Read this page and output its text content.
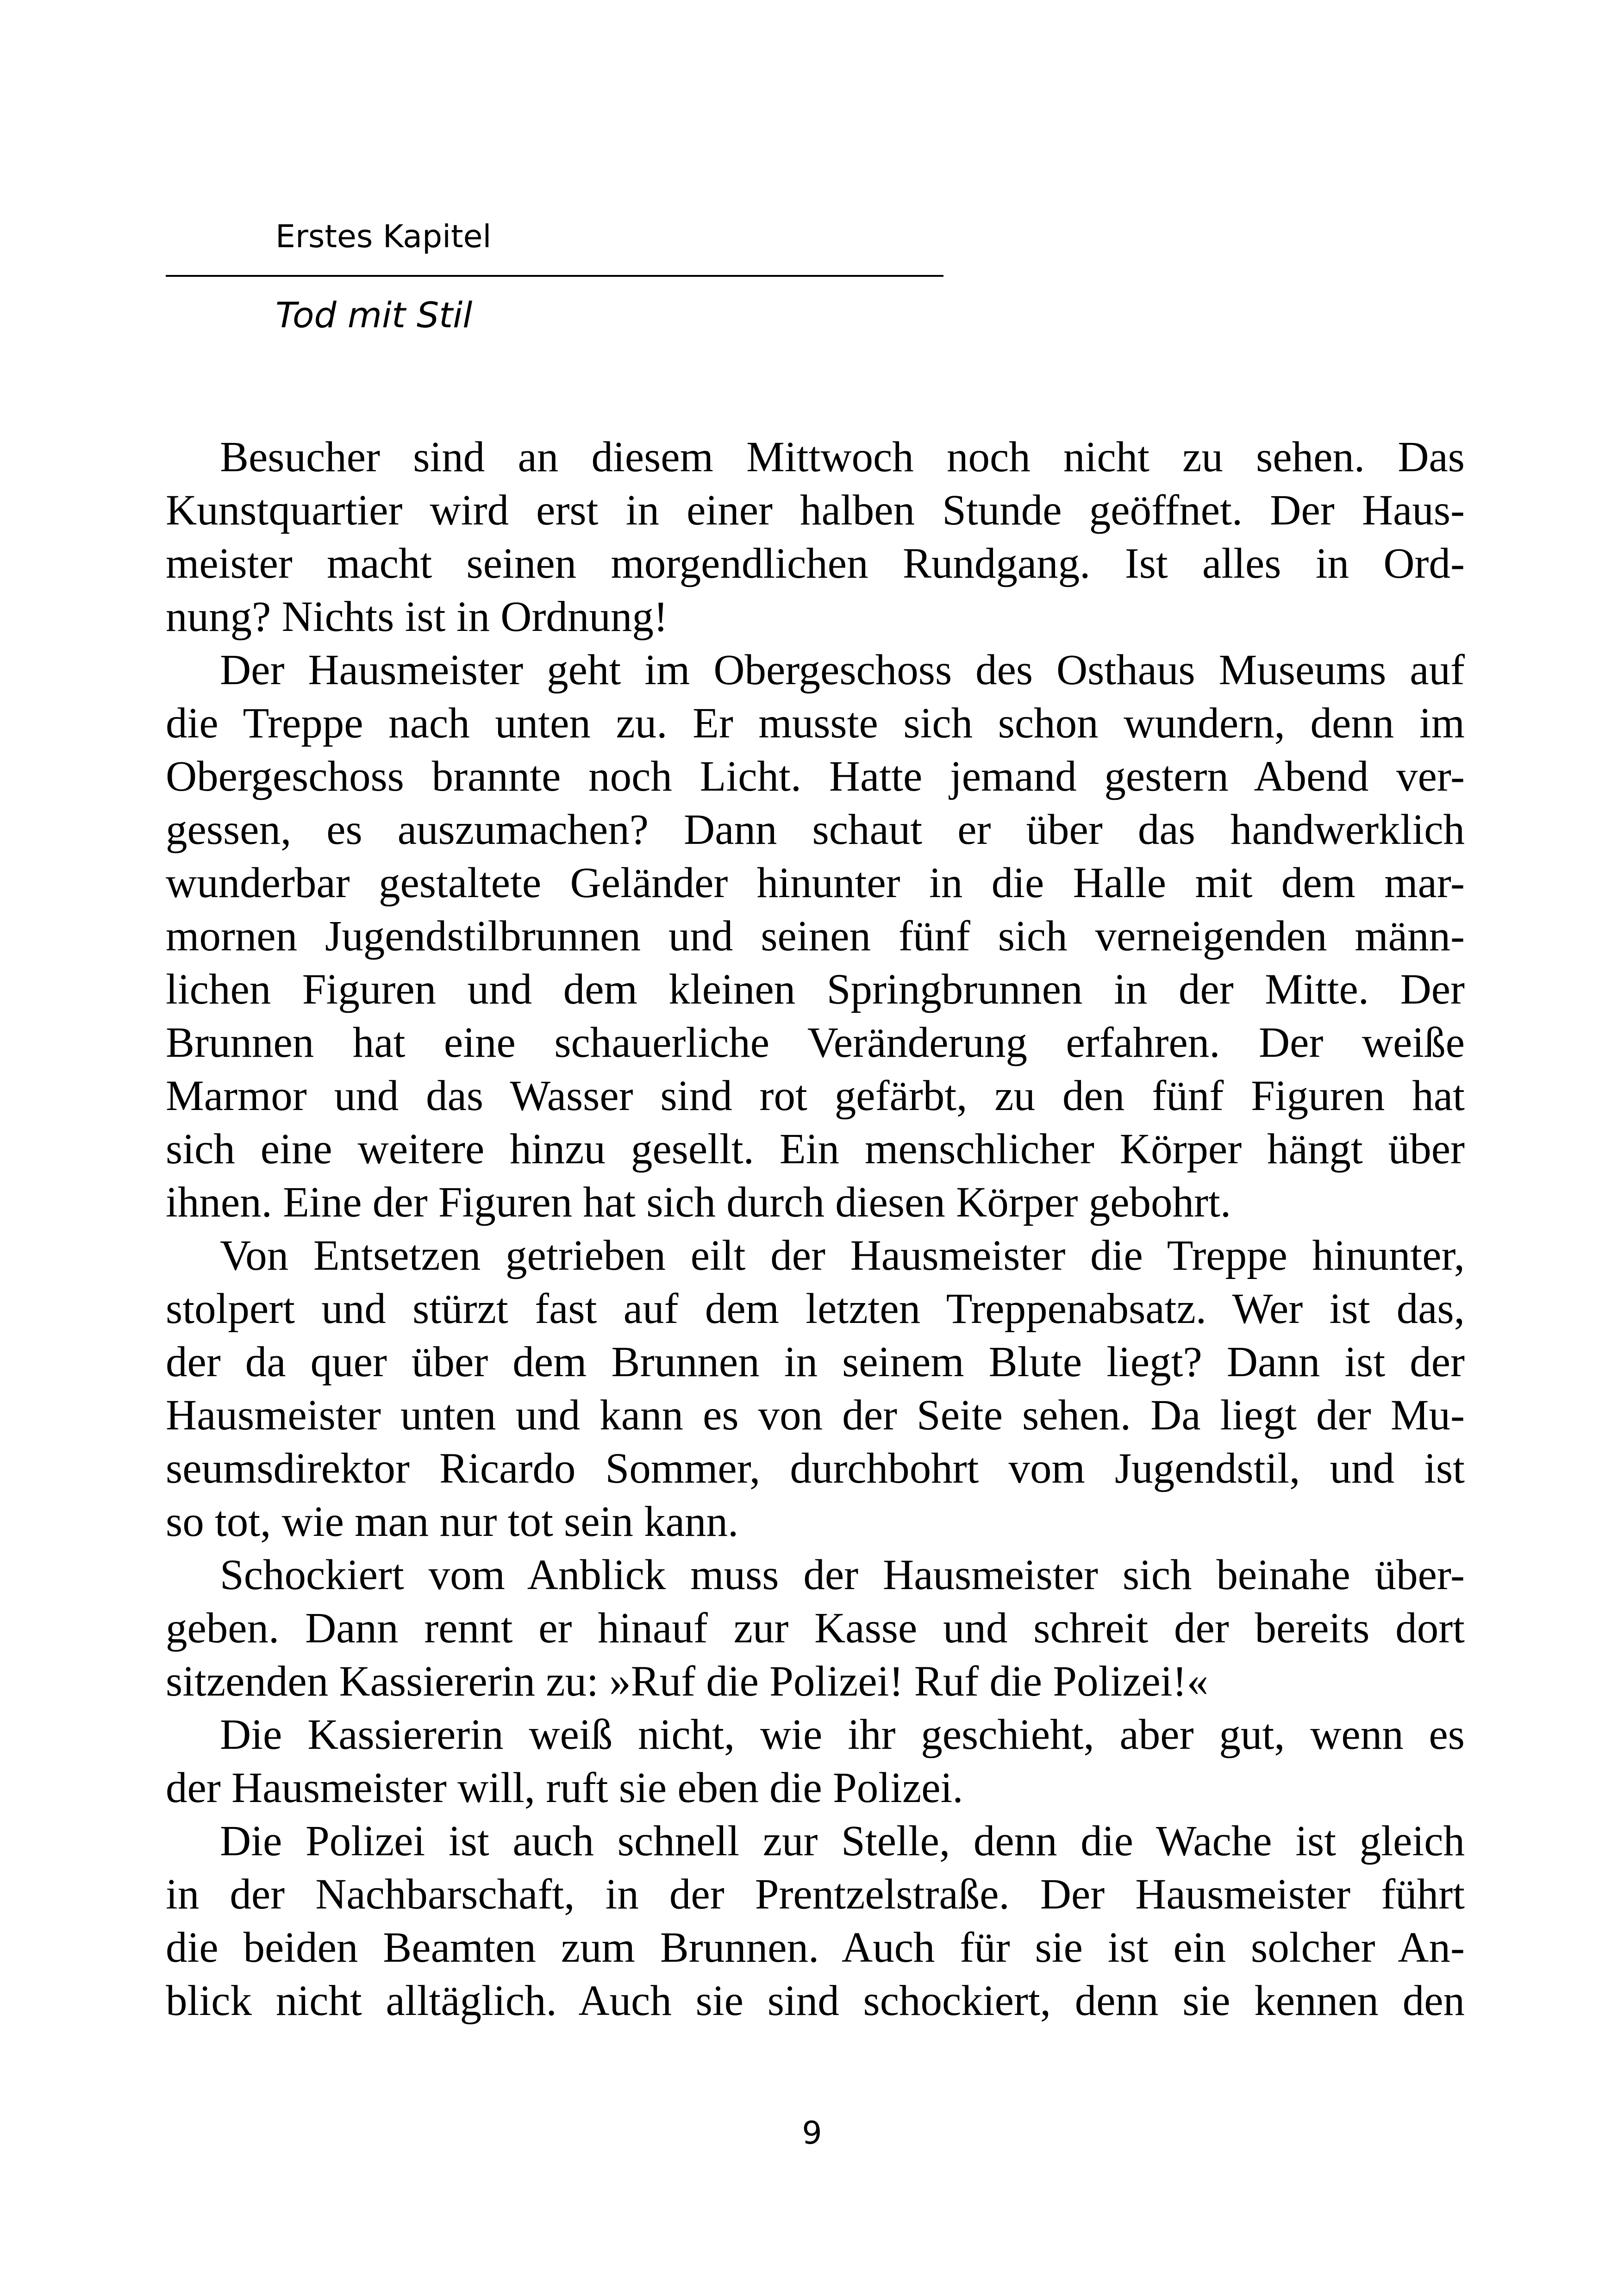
Erstes Kapitel

Tod mit Stil

Besucher sind an diesem Mittwoch noch nicht zu sehen. Das
Kunstquartier wird erst in einer halben Stunde geöffnet. Der Haus-
meister macht seinen morgendlichen Rundgang. Ist alles in Ord-
nung? Nichts ist in Ordnung!

Der Hausmeister geht im Obergeschoss des Osthaus Museums auf
die Treppe nach unten zu. Er musste sich schon wundern, denn im
Obergeschoss brannte noch Licht. Hatte jemand gestern Abend ver-
gessen, es auszumachen? Dann schaut er über das handwerklich
wunderbar gestaltete Geländer hinunter in die Halle mit dem mar-
mornen Jugendstilbrunnen und seinen fünf sich verneigenden männ-
lichen Figuren und dem kleinen Springbrunnen in der Mitte. Der
Brunnen hat eine schauerliche Veränderung erfahren. Der weiße
Marmor und das Wasser sind rot gefärbt, zu den fünf Figuren hat
sich eine weitere hinzu gesellt. Ein menschlicher Körper hängt über
ihnen. Eine der Figuren hat sich durch diesen Körper gebohrt.

Von Entsetzen getrieben eilt der Hausmeister die Treppe hinunter,
stolpert und stürzt fast auf dem letzten Treppenabsatz. Wer ist das,
der da quer über dem Brunnen in seinem Blute liegt? Dann ist der
Hausmeister unten und kann es von der Seite sehen. Da liegt der Mu-
seumsdirektor Ricardo Sommer, durchbohrt vom Jugendstil, und ist
so tot, wie man nur tot sein kann.

Schockiert vom Anblick muss der Hausmeister sich beinahe über-
geben. Dann rennt er hinauf zur Kasse und schreit der bereits dort
sitzenden Kassiererin zu: »Ruf die Polizei! Ruf die Polizei!«

Die Kassiererin weiß nicht, wie ihr geschieht, aber gut, wenn es
der Hausmeister will, ruft sie eben die Polizei.

Die Polizei ist auch schnell zur Stelle, denn die Wache ist gleich
in der Nachbarschaft, in der Prentzelstraße. Der Hausmeister führt
die beiden Beamten zum Brunnen. Auch für sie ist ein solcher An-
blick nicht alltäglich. Auch sie sind schockiert, denn sie kennen den

9
